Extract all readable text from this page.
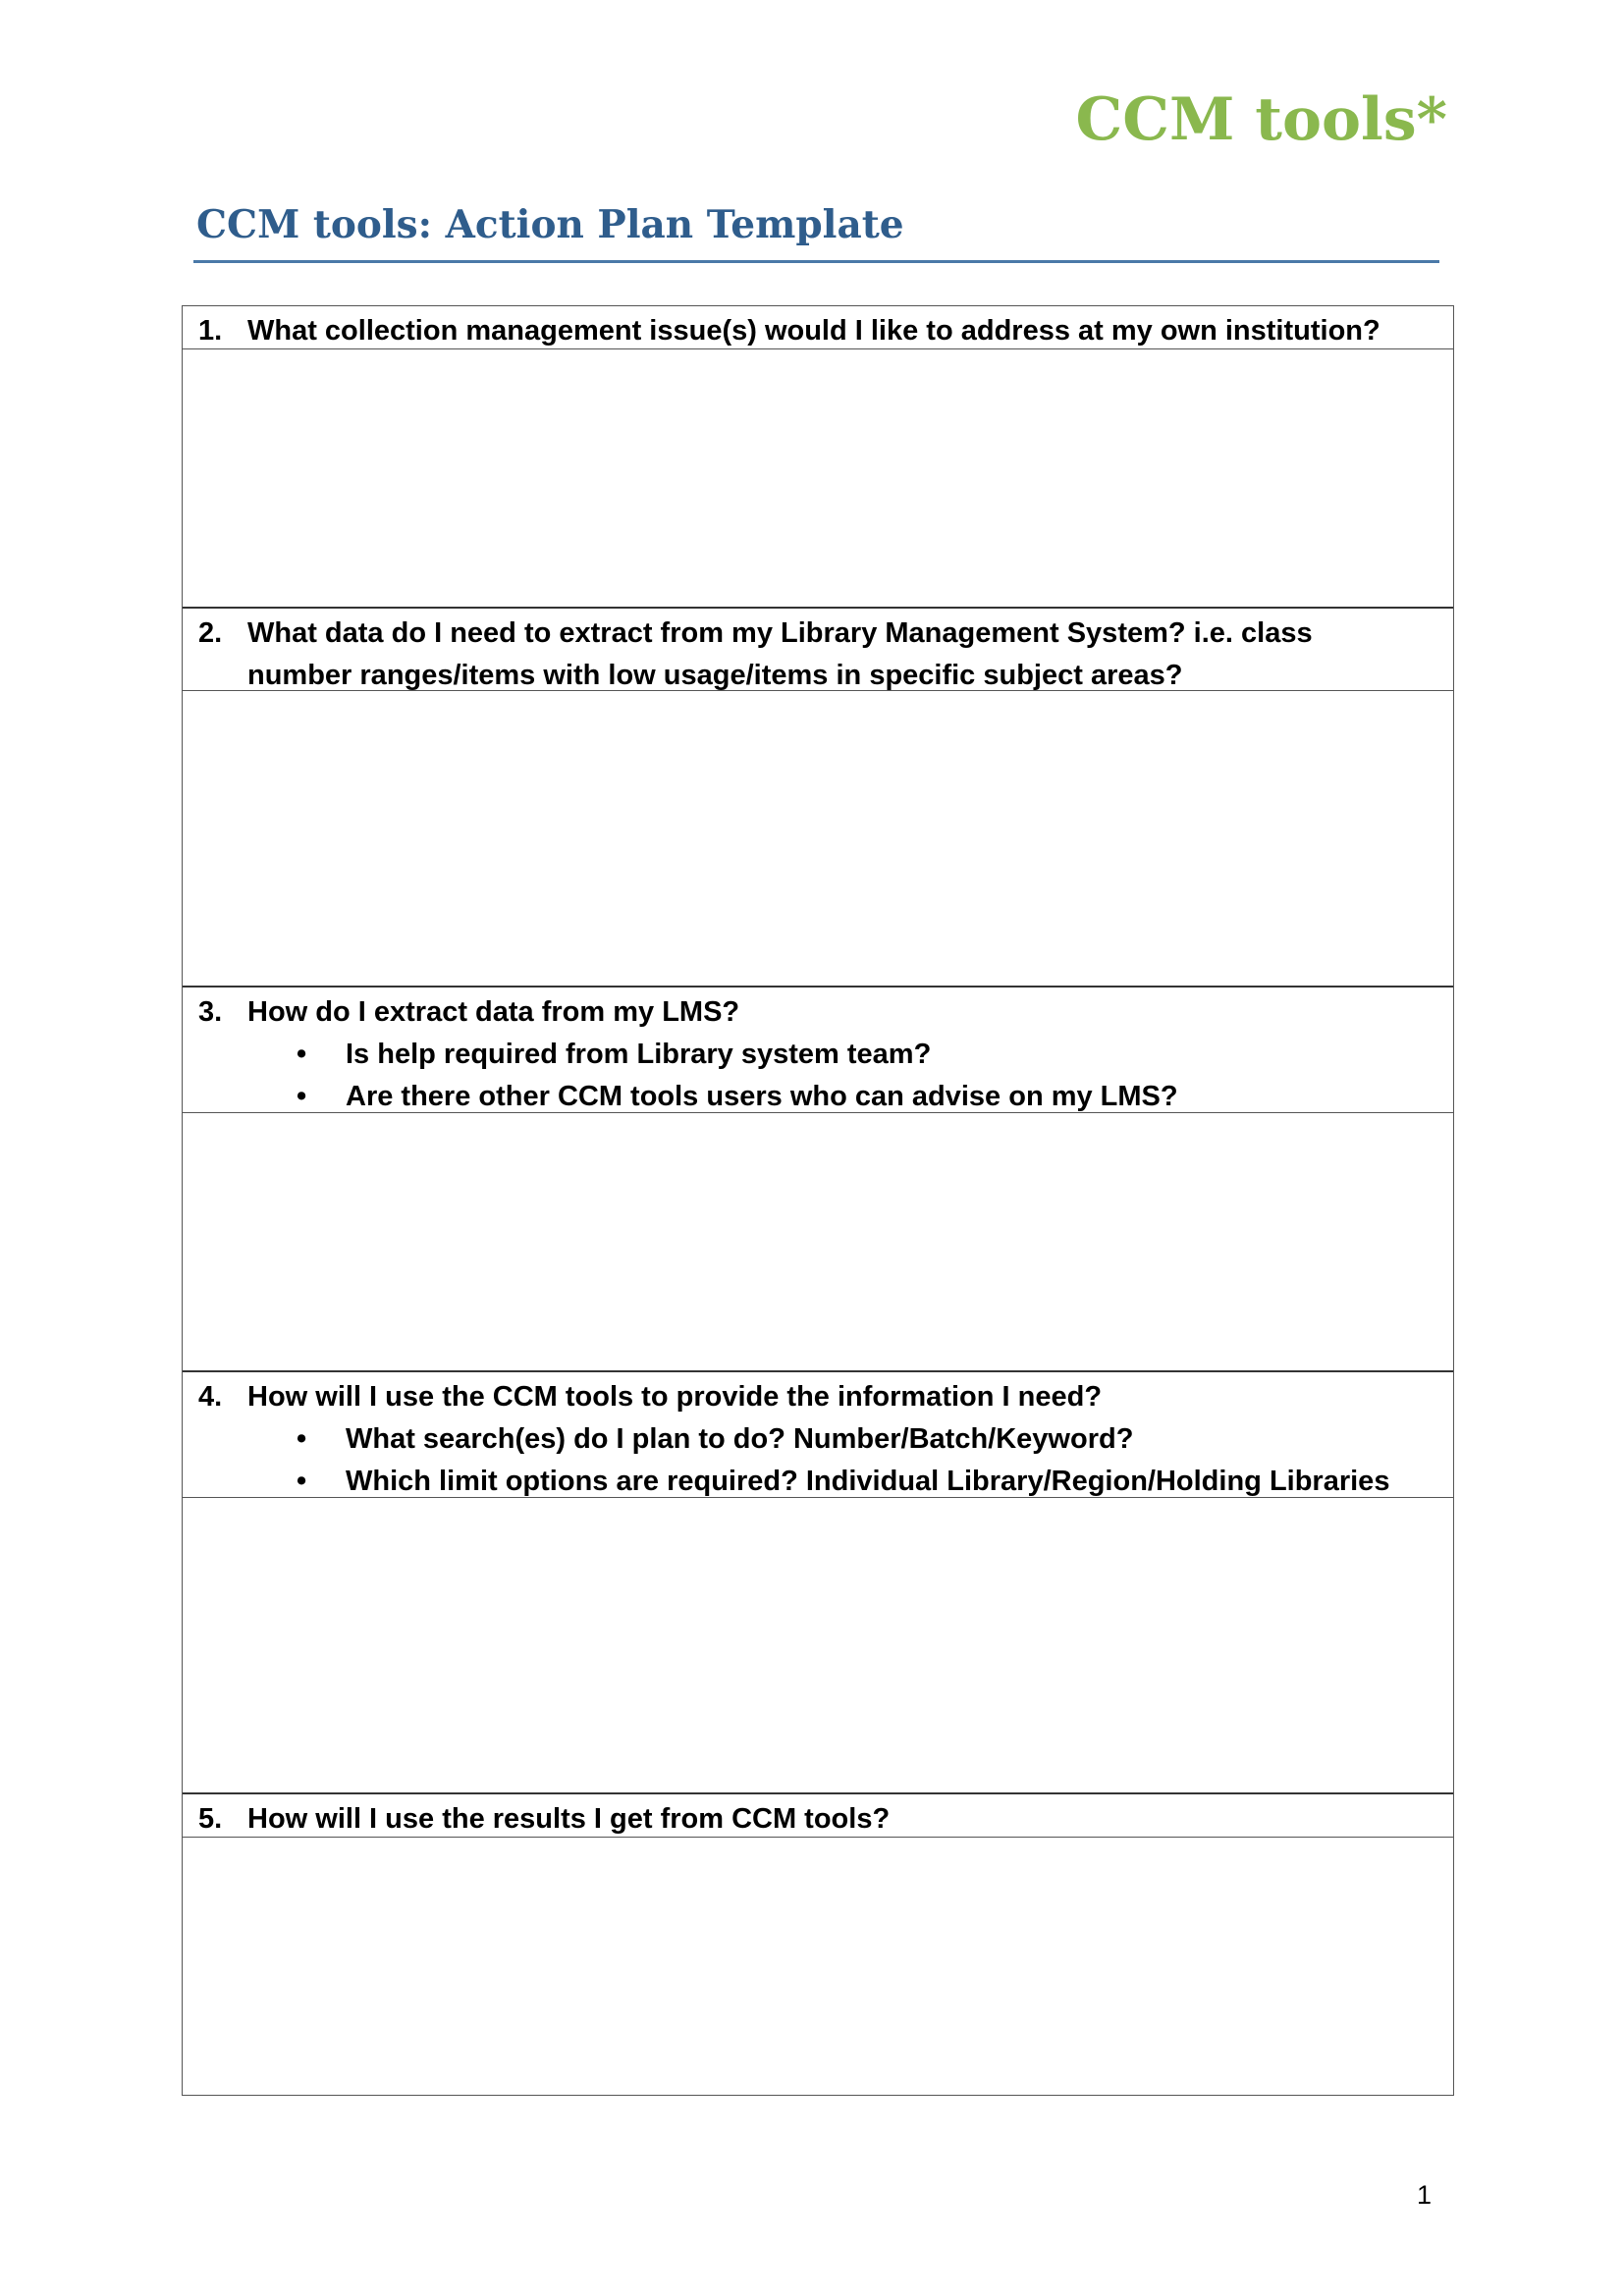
CCM tools*
CCM tools: Action Plan Template
1. What collection management issue(s) would I like to address at my own institution?
2. What data do I need to extract from my Library Management System? i.e. class number ranges/items with low usage/items in specific subject areas?
3. How do I extract data from my LMS?
•	Is help required from Library system team?
•	Are there other CCM tools users who can advise on my LMS?
4. How will I use the CCM tools to provide the information I need?
•	What search(es) do I plan to do? Number/Batch/Keyword?
•	Which limit options are required? Individual Library/Region/Holding Libraries
5. How will I use the results I get from CCM tools?
1
